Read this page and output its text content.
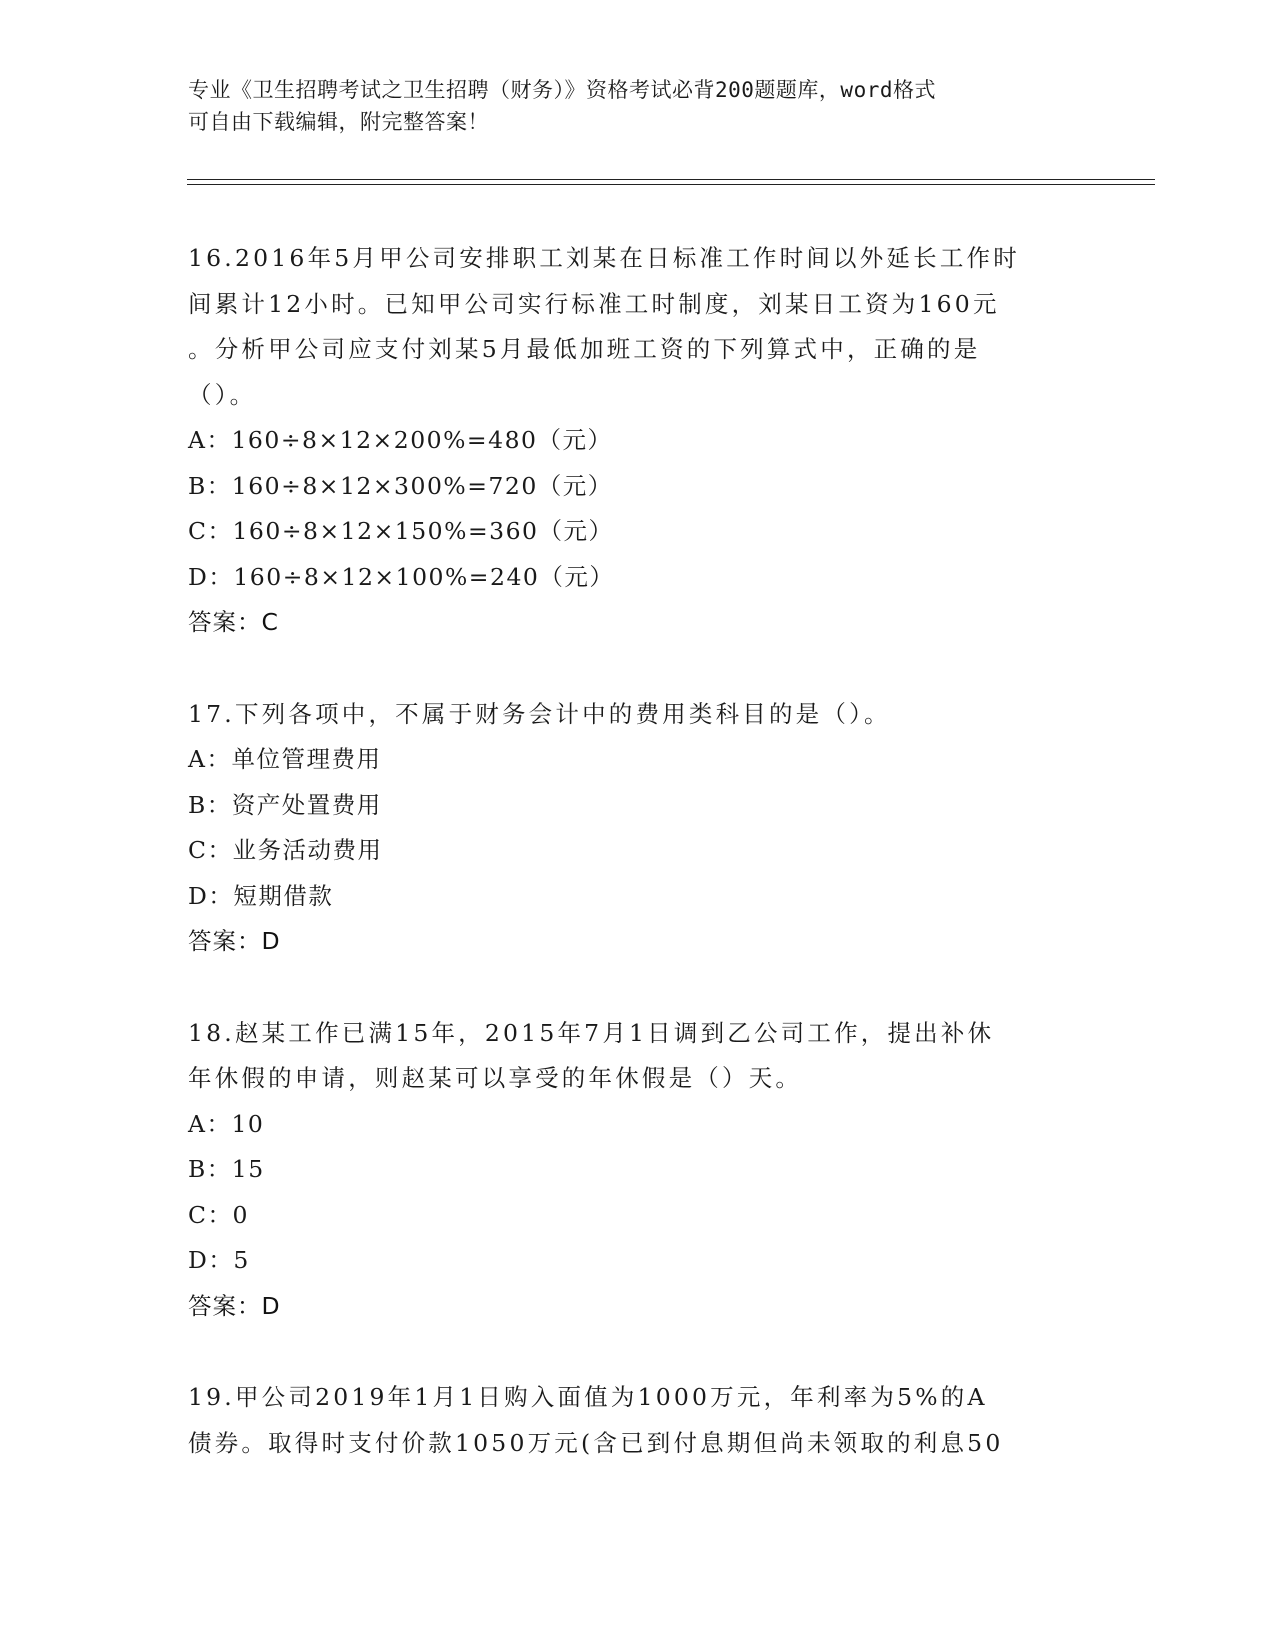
专业《卫生招聘考试之卫生招聘（财务）》资格考试必背200题题库，word格式
可自由下载编辑，附完整答案！
16.2016年5月甲公司安排职工刘某在日标准工作时间以外延长工作时
间累计12小时。已知甲公司实行标准工时制度，刘某日工资为160元
。分析甲公司应支付刘某5月最低加班工资的下列算式中，正确的是
（）。
A：160÷8×12×200%=480（元）
B：160÷8×12×300%=720（元）
C：160÷8×12×150%=360（元）
D：160÷8×12×100%=240（元）
答案：C
17.下列各项中，不属于财务会计中的费用类科目的是（）。
A：单位管理费用
B：资产处置费用
C：业务活动费用
D：短期借款
答案：D
18.赵某工作已满15年，2015年7月1日调到乙公司工作，提出补休
年休假的申请，则赵某可以享受的年休假是（）天。
A：10
B：15
C：0
D：5
答案：D
19.甲公司2019年1月1日购入面值为1000万元，年利率为5%的A
债券。取得时支付价款1050万元(含已到付息期但尚未领取的利息50
